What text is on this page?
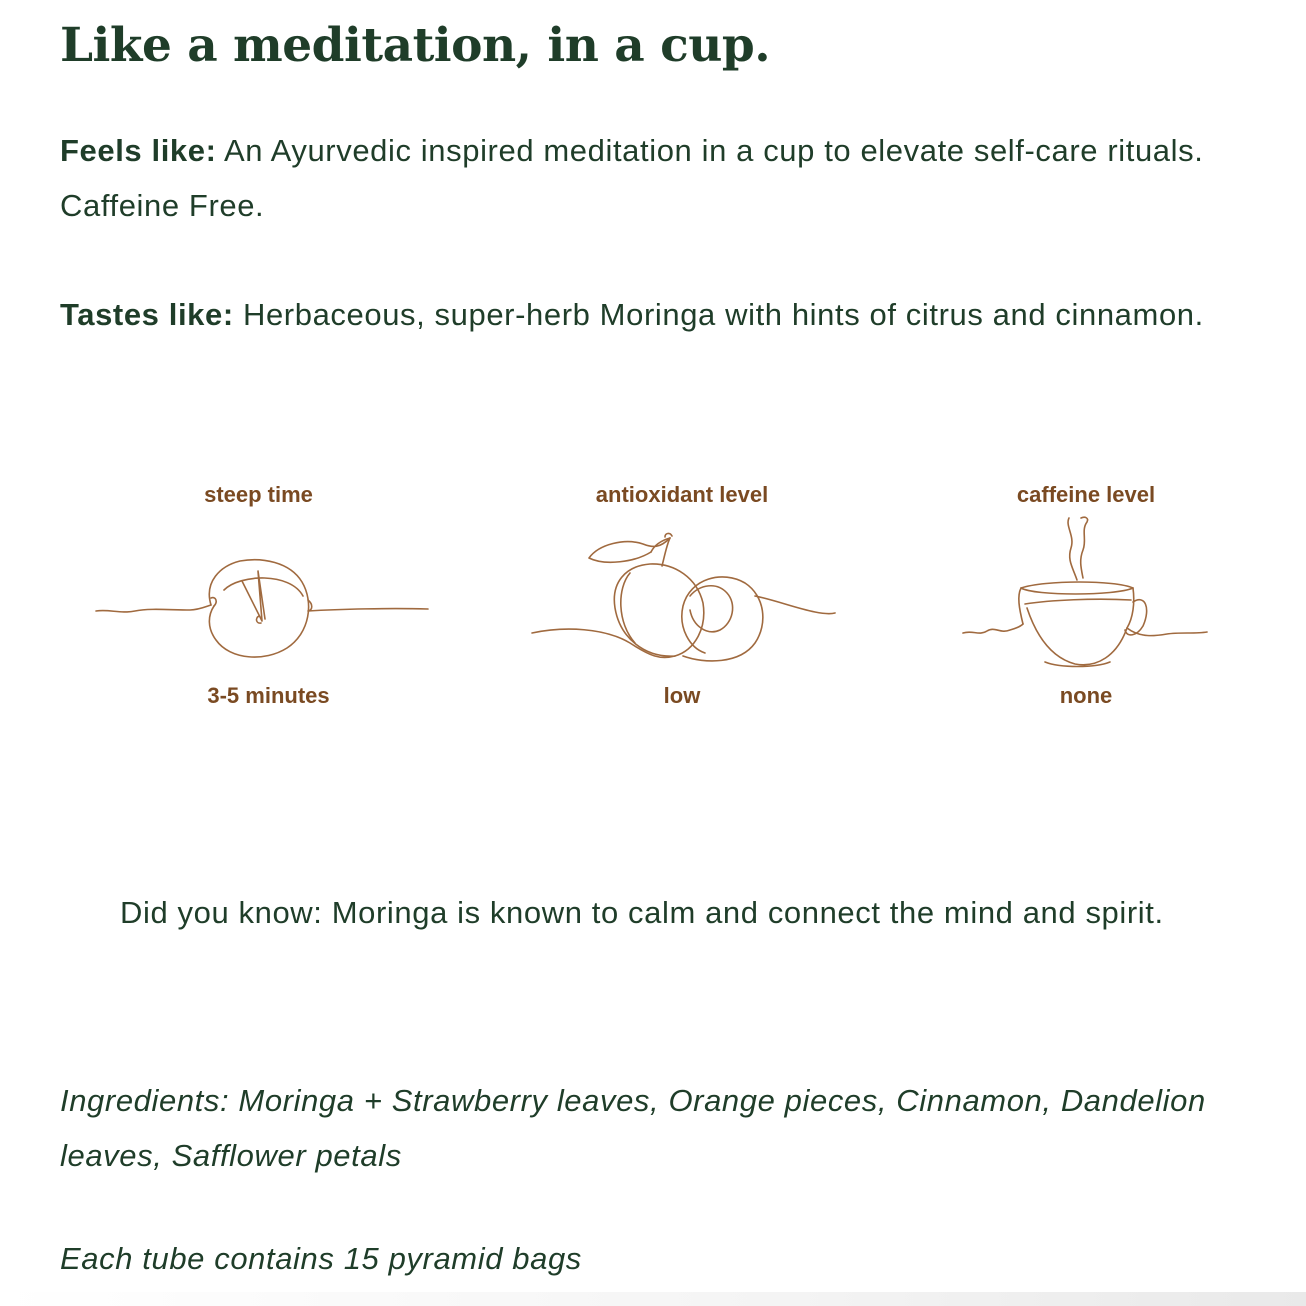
Like a meditation, in a cup.

Feels like: An Ayurvedic inspired meditation in a cup to elevate self-care rituals. Caffeine Free.

Tastes like: Herbaceous, super-herb Moringa with hints of citrus and cinnamon.

steep time
3-5 minutes
antioxidant level
low
caffeine level
none

Did you know: Moringa is known to calm and connect the mind and spirit.

Ingredients: Moringa + Strawberry leaves, Orange pieces, Cinnamon, Dandelion leaves, Safflower petals

Each tube contains 15 pyramid bags
